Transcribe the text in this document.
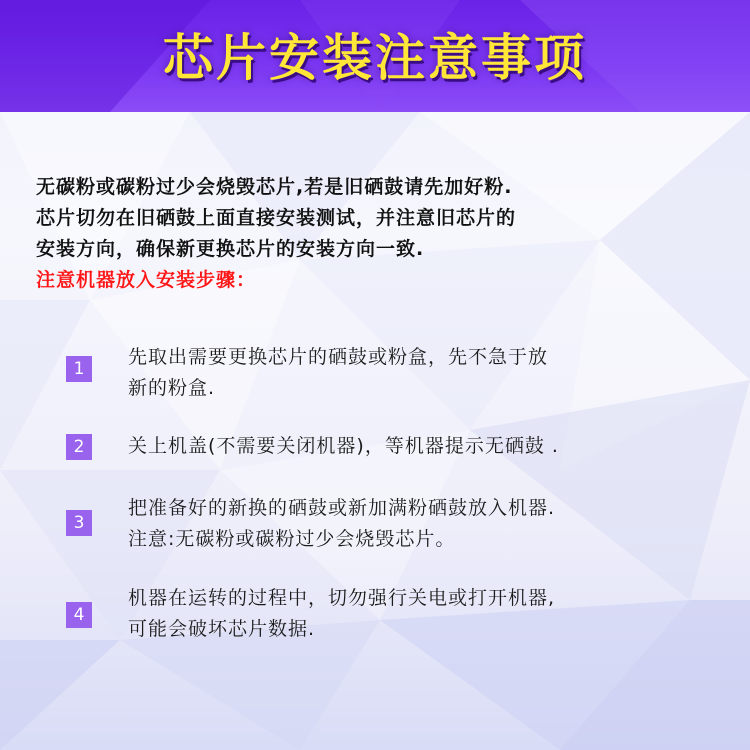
芯片安装注意事项
无碳粉或碳粉过少会烧毁芯片,若是旧硒鼓请先加好粉.
芯片切勿在旧硒鼓上面直接安装测试，并注意旧芯片的
安装方向，确保新更换芯片的安装方向一致.
注意机器放入安装步骤：
1
先取出需要更换芯片的硒鼓或粉盒，先不急于放
新的粉盒.
2	关上机盖(不需要关闭机器)，等机器提示无硒鼓 .
3
把准备好的新换的硒鼓或新加满粉硒鼓放入机器.
注意:无碳粉或碳粉过少会烧毁芯片。
4
机器在运转的过程中，切勿强行关电或打开机器,
可能会破坏芯片数据.
